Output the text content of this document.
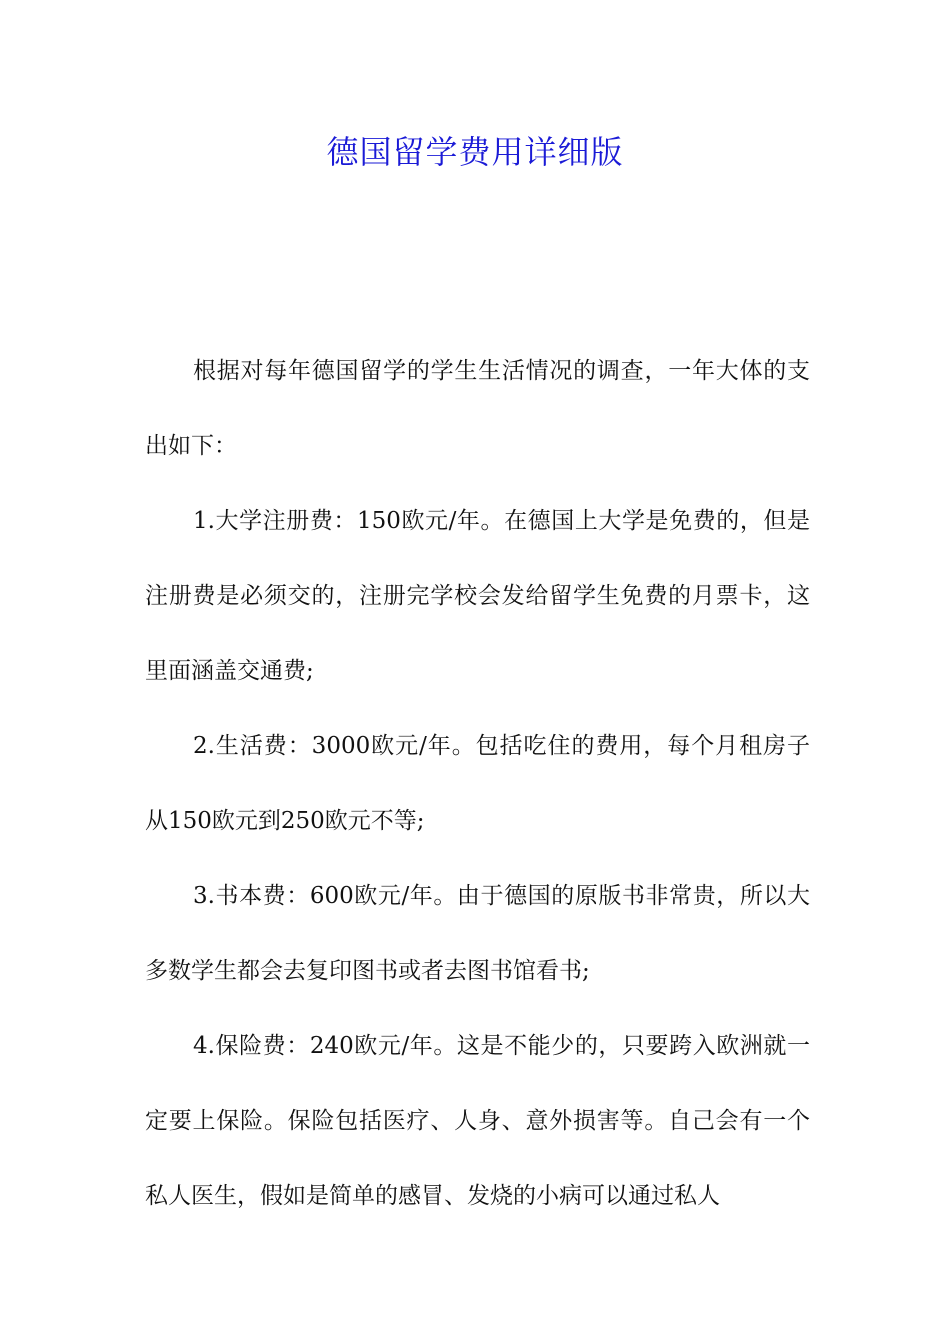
德国留学费用详细版

根据对每年德国留学的学生生活情况的调查，一年大体的支出如下：

1.大学注册费：150欧元/年。在德国上大学是免费的，但是注册费是必须交的，注册完学校会发给留学生免费的月票卡，这里面涵盖交通费;

2.生活费：3000欧元/年。包括吃住的费用，每个月租房子从150欧元到250欧元不等;

3.书本费：600欧元/年。由于德国的原版书非常贵，所以大多数学生都会去复印图书或者去图书馆看书;

4.保险费：240欧元/年。这是不能少的，只要跨入欧洲就一定要上保险。保险包括医疗、人身、意外损害等。自己会有一个私人医生，假如是简单的感冒、发烧的小病可以通过私人
